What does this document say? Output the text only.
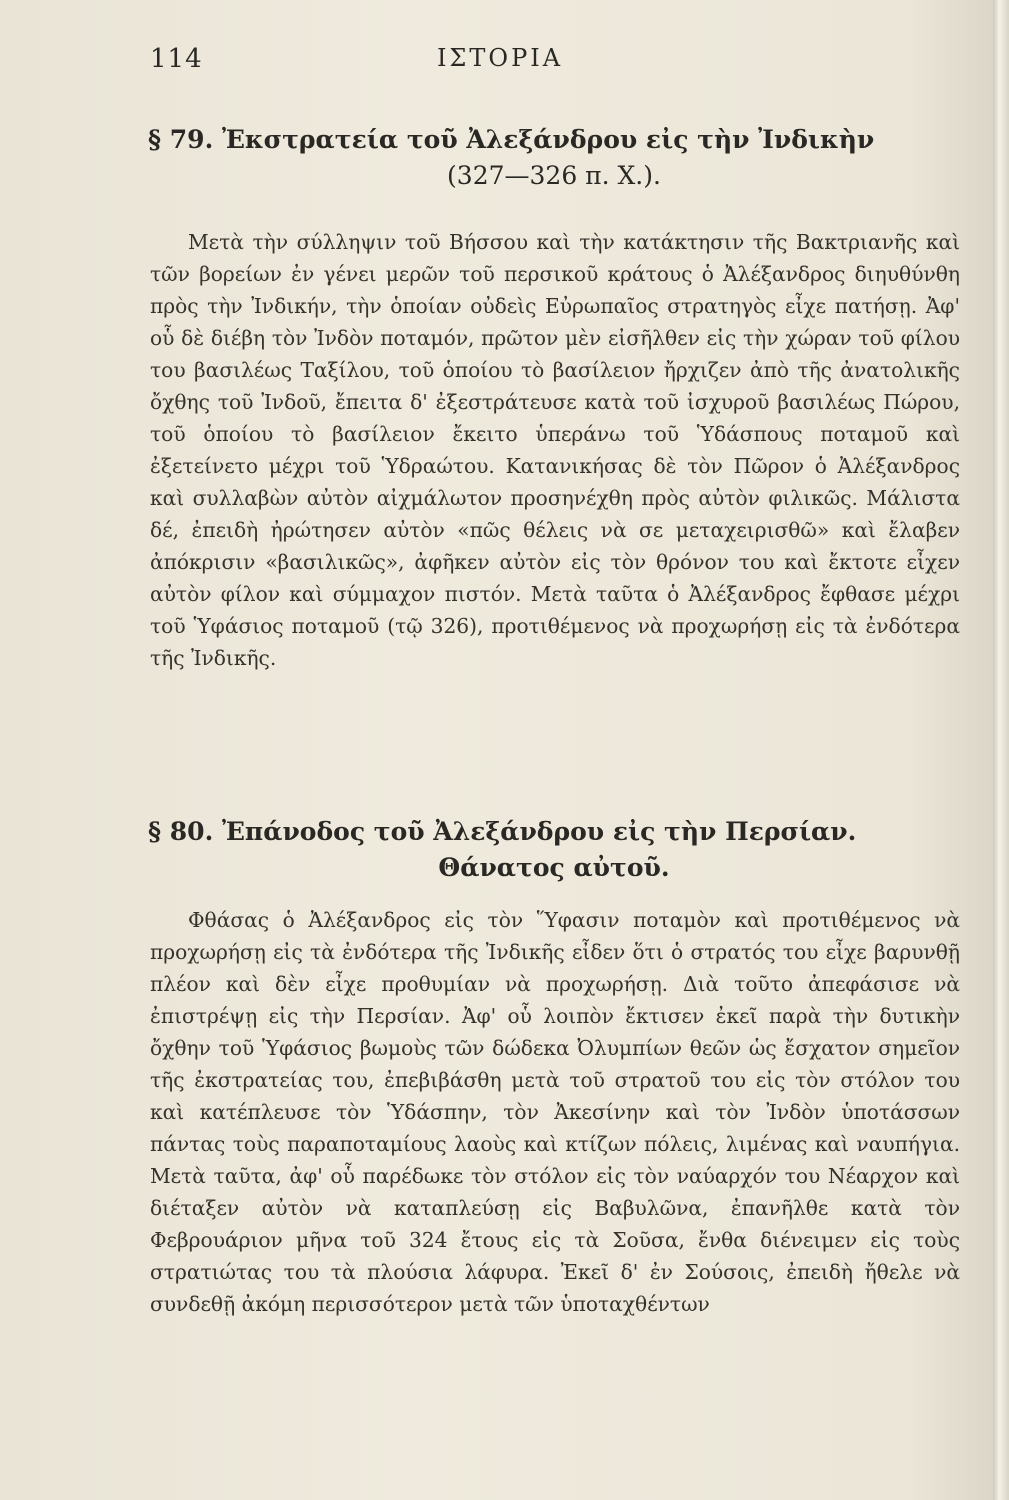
114	ΙΣΤΟΡΙΑ
§ 79. Ἐκστρατεία τοῦ Ἀλεξάνδρου εἰς τὴν Ἰνδικὴν
(327—326 π. Χ.).
Μετὰ τὴν σύλληψιν τοῦ Βήσσου καὶ τὴν κατάκτησιν τῆς Βακτριανῆς καὶ τῶν βορείων ἐν γένει μερῶν τοῦ περσικοῦ κράτους ὁ Ἀλέξανδρος διηυθύνθη πρὸς τὴν Ἰνδικήν, τὴν ὁποίαν οὐδεὶς Εὐρωπαῖος στρατηγὸς εἶχε πατήσῃ. Ἀφ' οὗ δὲ διέβη τὸν Ἰνδὸν ποταμόν, πρῶτον μὲν εἰσῆλθεν εἰς τὴν χώραν τοῦ φίλου του βασιλέως Ταξίλου, τοῦ ὁποίου τὸ βασίλειον ἤρχιζεν ἀπὸ τῆς ἀνατολικῆς ὄχθης τοῦ Ἰνδοῦ, ἔπειτα δ' ἐξεστράτευσε κατὰ τοῦ ἰσχυροῦ βασιλέως Πώρου, τοῦ ὁποίου τὸ βασίλειον ἔκειτο ὑπεράνω τοῦ Ὑδάσπους ποταμοῦ καὶ ἐξετείνετο μέχρι τοῦ Ὑδραώτου. Κατανικήσας δὲ τὸν Πῶρον ὁ Ἀλέξανδρος καὶ συλλαβὼν αὐτὸν αἰχμάλωτον προσηνέχθη πρὸς αὐτὸν φιλικῶς. Μάλιστα δέ, ἐπειδὴ ἠρώτησεν αὐτὸν «πῶς θέλεις νὰ σε μεταχειρισθῶ» καὶ ἔλαβεν ἀπόκρισιν «βασιλικῶς», ἀφῆκεν αὐτὸν εἰς τὸν θρόνον του καὶ ἔκτοτε εἶχεν αὐτὸν φίλον καὶ σύμμαχον πιστόν. Μετὰ ταῦτα ὁ Ἀλέξανδρος ἔφθασε μέχρι τοῦ Ὑφάσιος ποταμοῦ (τῷ 326), προτιθέμενος νὰ προχωρήσῃ εἰς τὰ ἐνδότερα τῆς Ἰνδικῆς.
§ 80. Ἐπάνοδος τοῦ Ἀλεξάνδρου εἰς τὴν Περσίαν.
Θάνατος αὐτοῦ.
Φθάσας ὁ Ἀλέξανδρος εἰς τὸν Ὕφασιν ποταμὸν καὶ προτιθέμενος νὰ προχωρήσῃ εἰς τὰ ἐνδότερα τῆς Ἰνδικῆς εἶδεν ὅτι ὁ στρατός του εἶχε βαρυνθῇ πλέον καὶ δὲν εἶχε προθυμίαν νὰ προχωρήσῃ. Διὰ τοῦτο ἀπεφάσισε νὰ ἐπιστρέψῃ εἰς τὴν Περσίαν. Ἀφ' οὗ λοιπὸν ἔκτισεν ἐκεῖ παρὰ τὴν δυτικὴν ὄχθην τοῦ Ὑφάσιος βωμοὺς τῶν δώδεκα Ὀλυμπίων θεῶν ὡς ἔσχατον σημεῖον τῆς ἐκστρατείας του, ἐπεβιβάσθη μετὰ τοῦ στρατοῦ του εἰς τὸν στόλον του καὶ κατέπλευσε τὸν Ὑδάσπην, τὸν Ἀκεσίνην καὶ τὸν Ἰνδὸν ὑποτάσσων πάντας τοὺς παραποταμίους λαοὺς καὶ κτίζων πόλεις, λιμένας καὶ ναυπήγια. Μετὰ ταῦτα, ἀφ' οὗ παρέδωκε τὸν στόλον εἰς τὸν ναύαρχόν του Νέαρχον καὶ διέταξεν αὐτὸν νὰ καταπλεύσῃ εἰς Βαβυλῶνα, ἐπανῆλθε κατὰ τὸν Φεβρουάριον μῆνα τοῦ 324 ἔτους εἰς τὰ Σοῦσα, ἔνθα διένειμεν εἰς τοὺς στρατιώτας του τὰ πλούσια λάφυρα. Ἐκεῖ δ' ἐν Σούσοις, ἐπειδὴ ἤθελε νὰ συνδεθῇ ἀκόμη περισσότερον μετὰ τῶν ὑποταχθέντων
